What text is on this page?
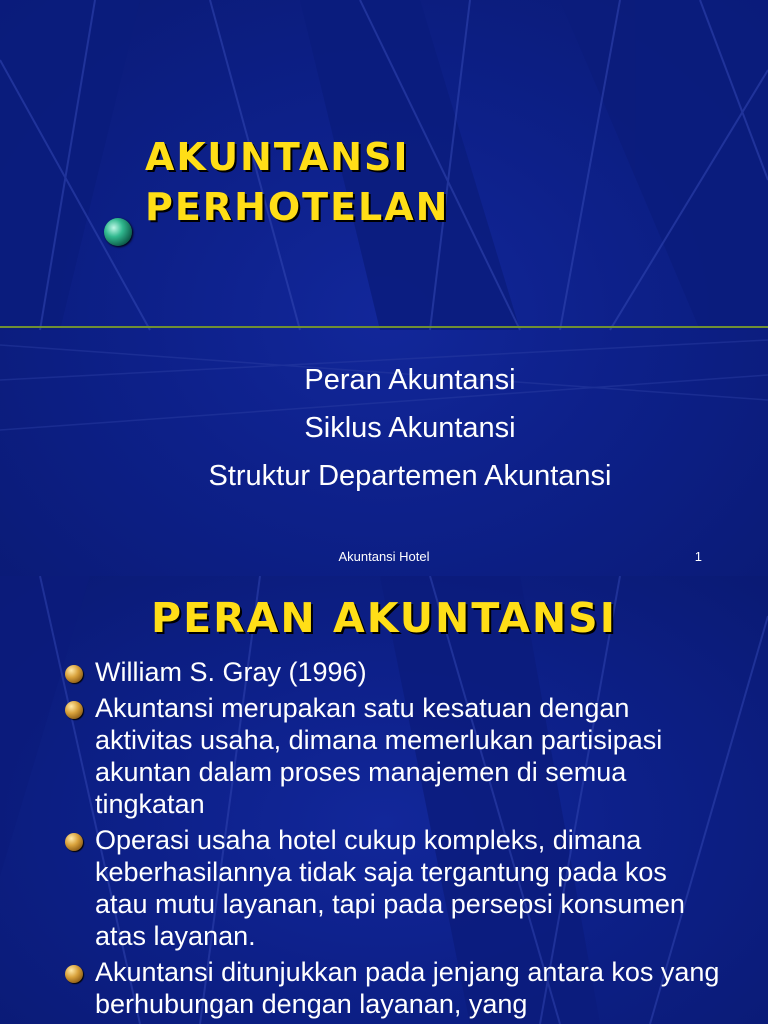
AKUNTANSI
PERHOTELAN
Peran Akuntansi
Siklus Akuntansi
Struktur Departemen Akuntansi
Akuntansi Hotel	1
PERAN AKUNTANSI
William S. Gray (1996)
Akuntansi merupakan satu kesatuan dengan aktivitas usaha, dimana memerlukan partisipasi akuntan dalam proses manajemen di semua tingkatan
Operasi usaha hotel cukup kompleks, dimana keberhasilannya tidak saja tergantung pada kos atau mutu layanan, tapi pada persepsi konsumen atas layanan.
Akuntansi ditunjukkan pada jenjang antara kos yang berhubungan dengan layanan, yang
